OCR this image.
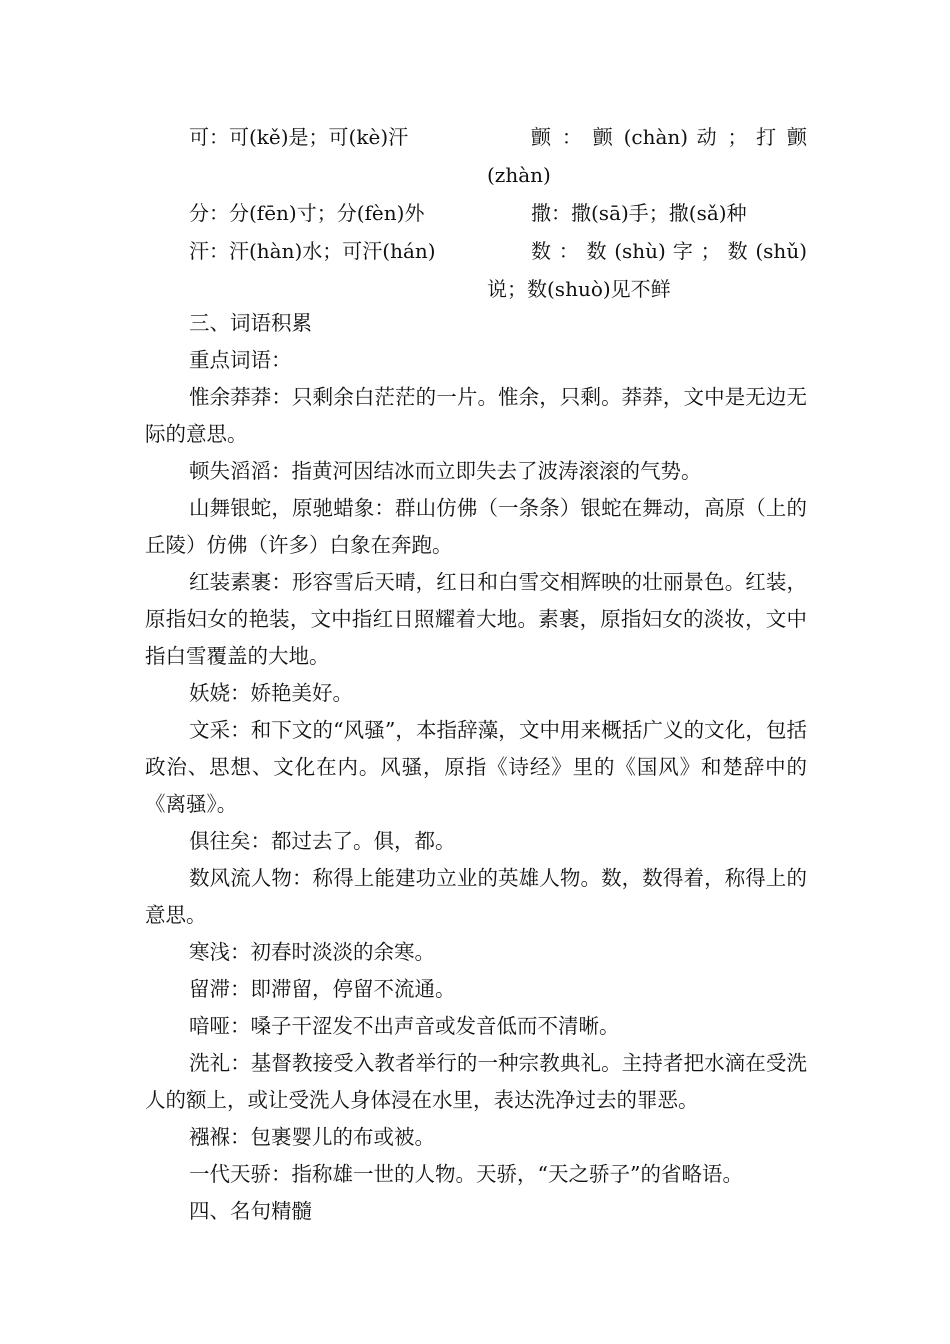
可：可(kě)是；可(kè)汗

分：分(fēn)寸；分(fèn)外
汗：汗(hàn)水；可汗(hán)
颤 ： 颤 (chàn) 动 ； 打 颤
(zhàn)
撒：撒(sā)手；撒(sǎ)种
数 ： 数 (shù) 字 ； 数 (shǔ)
说；数(shuò)见不鲜

三、词语积累

重点词语：

惟余莽莽：只剩余白茫茫的一片。惟余，只剩。莽莽，文中是无边无际的意思。

顿失滔滔：指黄河因结冰而立即失去了波涛滚滚的气势。

山舞银蛇，原驰蜡象：群山仿佛（一条条）银蛇在舞动，高原（上的丘陵）仿佛（许多）白象在奔跑。

红装素裹：形容雪后天晴，红日和白雪交相辉映的壮丽景色。红装，原指妇女的艳装，文中指红日照耀着大地。素裹，原指妇女的淡妆，文中指白雪覆盖的大地。

妖娆：娇艳美好。

文采：和下文的“风骚”，本指辞藻，文中用来概括广义的文化，包括政治、思想、文化在内。风骚，原指《诗经》里的《国风》和楚辞中的《离骚》。

俱往矣：都过去了。俱，都。

数风流人物：称得上能建功立业的英雄人物。数，数得着，称得上的意思。

寒浅：初春时淡淡的余寒。

留滞：即滞留，停留不流通。

喑哑：嗓子干涩发不出声音或发音低而不清晰。

洗礼：基督教接受入教者举行的一种宗教典礼。主持者把水滴在受洗人的额上，或让受洗人身体浸在水里，表达洗净过去的罪恶。

襁褓：包裹婴儿的布或被。

一代天骄：指称雄一世的人物。天骄，“天之骄子”的省略语。

四、名句精髓
